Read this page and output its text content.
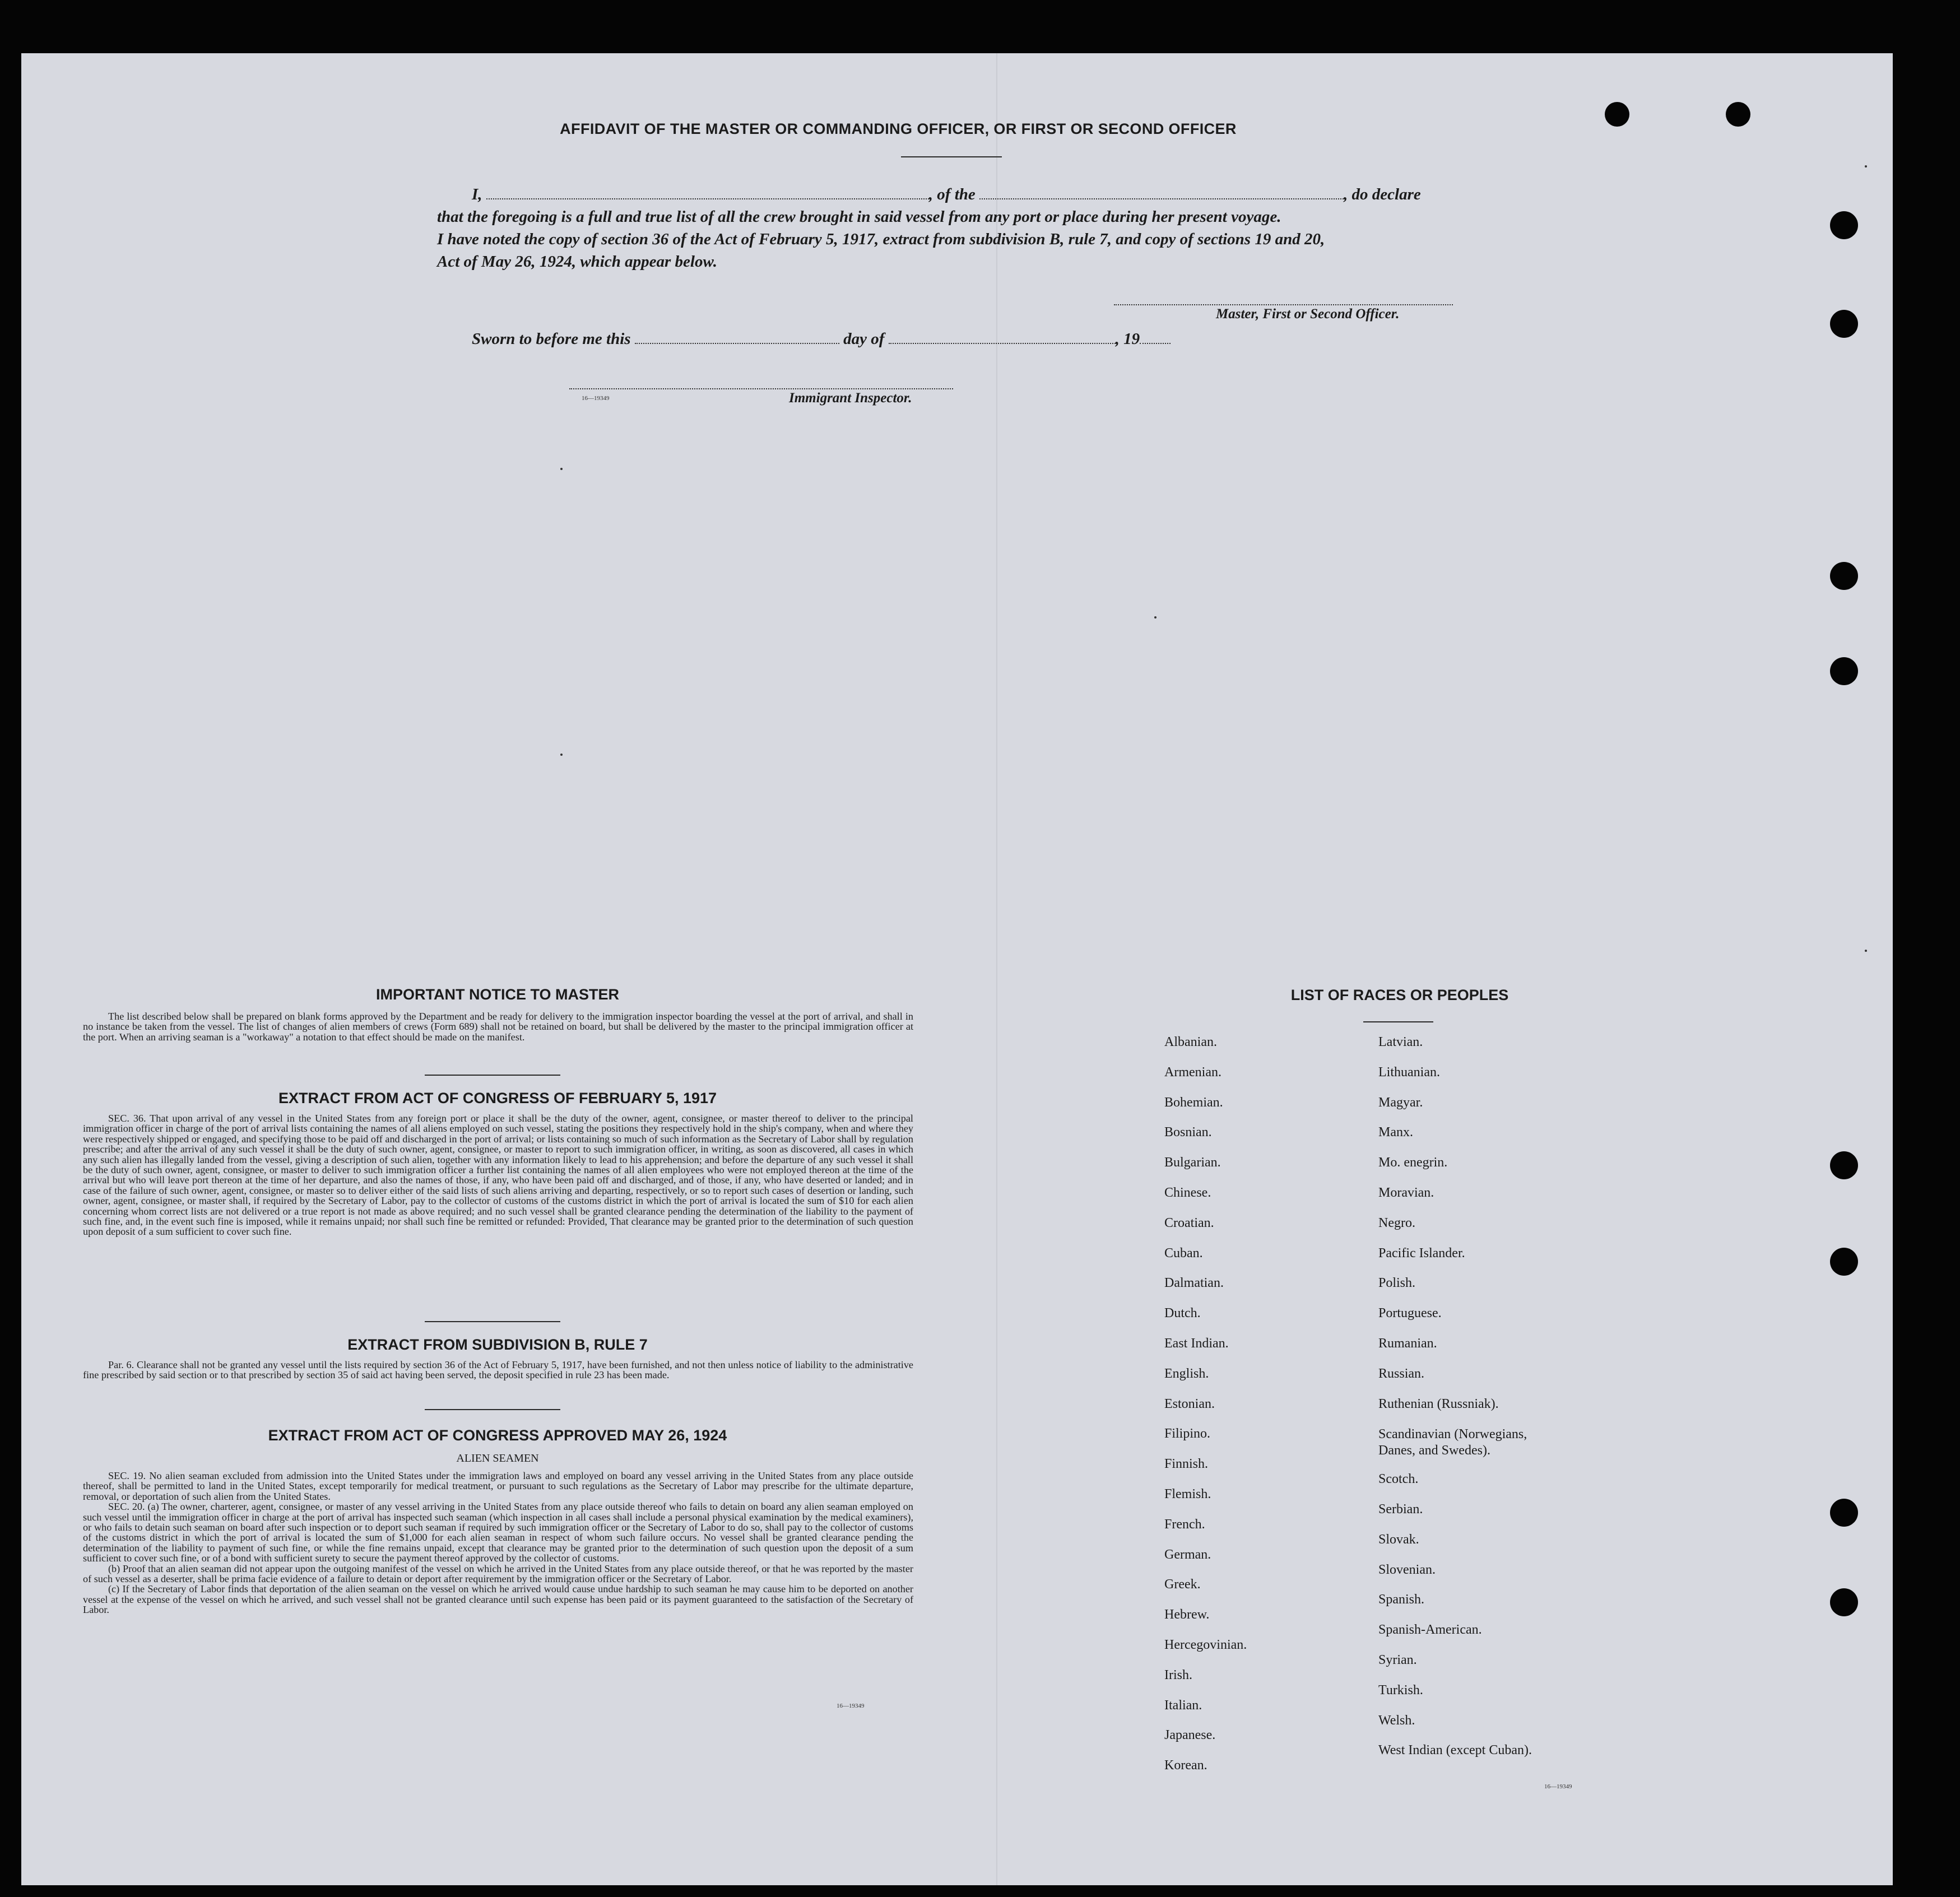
AFFIDAVIT OF THE MASTER OR COMMANDING OFFICER, OR FIRST OR SECOND OFFICER
I,	, of the	, do declare
that the foregoing is a full and true list of all the crew brought in said vessel from any port or place during her present voyage.
I have noted the copy of section 36 of the Act of February 5, 1917, extract from subdivision B, rule 7, and copy of sections 19 and 20,
Act of May 26, 1924, which appear below.
Master, First or Second Officer.
Sworn to before me this	day of	, 19
16—19349	Immigrant Inspector.
IMPORTANT NOTICE TO MASTER

The list described below shall be prepared on blank forms approved by the Department and be ready for delivery to the immigration inspector boarding the vessel at the port of arrival, and shall in no instance be taken from the vessel. The list of changes of alien members of crews (Form 689) shall not be retained on board, but shall be delivered by the master to the principal immigration officer at the port. When an arriving seaman is a "workaway" a notation to that effect should be made on the manifest.

EXTRACT FROM ACT OF CONGRESS OF FEBRUARY 5, 1917

SEC. 36. That upon arrival of any vessel in the United States from any foreign port or place it shall be the duty of the owner, agent, consignee, or master thereof to deliver to the principal immigration officer in charge of the port of arrival lists containing the names of all aliens employed on such vessel, stating the positions they respectively hold in the ship's company, when and where they were respectively shipped or engaged, and specifying those to be paid off and discharged in the port of arrival; or lists containing so much of such information as the Secretary of Labor shall by regulation prescribe; and after the arrival of any such vessel it shall be the duty of such owner, agent, consignee, or master to report to such immigration officer, in writing, as soon as discovered, all cases in which any such alien has illegally landed from the vessel, giving a description of such alien, together with any information likely to lead to his apprehension; and before the departure of any such vessel it shall be the duty of such owner, agent, consignee, or master to deliver to such immigration officer a further list containing the names of all alien employees who were not employed thereon at the time of the arrival but who will leave port thereon at the time of her departure, and also the names of those, if any, who have been paid off and discharged, and of those, if any, who have deserted or landed; and in case of the failure of such owner, agent, consignee, or master so to deliver either of the said lists of such aliens arriving and departing, respectively, or so to report such cases of desertion or landing, such owner, agent, consignee, or master shall, if required by the Secretary of Labor, pay to the collector of customs of the customs district in which the port of arrival is located the sum of $10 for each alien concerning whom correct lists are not delivered or a true report is not made as above required; and no such vessel shall be granted clearance pending the determination of the liability to the payment of such fine, and, in the event such fine is imposed, while it remains unpaid; nor shall such fine be remitted or refunded: Provided, That clearance may be granted prior to the determination of such question upon deposit of a sum sufficient to cover such fine.

EXTRACT FROM SUBDIVISION B, RULE 7

Par. 6. Clearance shall not be granted any vessel until the lists required by section 36 of the Act of February 5, 1917, have been furnished, and not then unless notice of liability to the administrative fine prescribed by said section or to that prescribed by section 35 of said act having been served, the deposit specified in rule 23 has been made.

EXTRACT FROM ACT OF CONGRESS APPROVED MAY 26, 1924
ALIEN SEAMEN

SEC. 19. No alien seaman excluded from admission into the United States under the immigration laws and employed on board any vessel arriving in the United States from any place outside thereof, shall be permitted to land in the United States, except temporarily for medical treatment, or pursuant to such regulations as the Secretary of Labor may prescribe for the ultimate departure, removal, or deportation of such alien from the United States.

SEC. 20. (a) The owner, charterer, agent, consignee, or master of any vessel arriving in the United States from any place outside thereof who fails to detain on board any alien seaman employed on such vessel until the immigration officer in charge at the port of arrival has inspected such seaman (which inspection in all cases shall include a personal physical examination by the medical examiners), or who fails to detain such seaman on board after such inspection or to deport such seaman if required by such immigration officer or the Secretary of Labor to do so, shall pay to the collector of customs of the customs district in which the port of arrival is located the sum of $1,000 for each alien seaman in respect of whom such failure occurs. No vessel shall be granted clearance pending the determination of the liability to payment of such fine, or while the fine remains unpaid, except that clearance may be granted prior to the determination of such question upon the deposit of a sum sufficient to cover such fine, or of a bond with sufficient surety to secure the payment thereof approved by the collector of customs.

(b) Proof that an alien seaman did not appear upon the outgoing manifest of the vessel on which he arrived in the United States from any place outside thereof, or that he was reported by the master of such vessel as a deserter, shall be prima facie evidence of a failure to detain or deport after requirement by the immigration officer or the Secretary of Labor.

(c) If the Secretary of Labor finds that deportation of the alien seaman on the vessel on which he arrived would cause undue hardship to such seaman he may cause him to be deported on another vessel at the expense of the vessel on which he arrived, and such vessel shall not be granted clearance until such expense has been paid or its payment guaranteed to the satisfaction of the Secretary of Labor.

16—19349
LIST OF RACES OR PEOPLES
Albanian.
Armenian.
Bohemian.
Bosnian.
Bulgarian.
Chinese.
Croatian.
Cuban.
Dalmatian.
Dutch.
East Indian.
English.
Estonian.
Filipino.
Finnish.
Flemish.
French.
German.
Greek.
Hebrew.
Hercegovinian.
Irish.
Italian.
Japanese.
Korean.
Latvian.
Lithuanian.
Magyar.
Manx.
Mo. enegrin.
Moravian.
Negro.
Pacific Islander.
Polish.
Portuguese.
Rumanian.
Russian.
Ruthenian (Russniak).
Scandinavian (Norwegians,
Danes, and Swedes).
Scotch.
Serbian.
Slovak.
Slovenian.
Spanish.
Spanish-American.
Syrian.
Turkish.
Welsh.
West Indian (except Cuban).
16—19349
